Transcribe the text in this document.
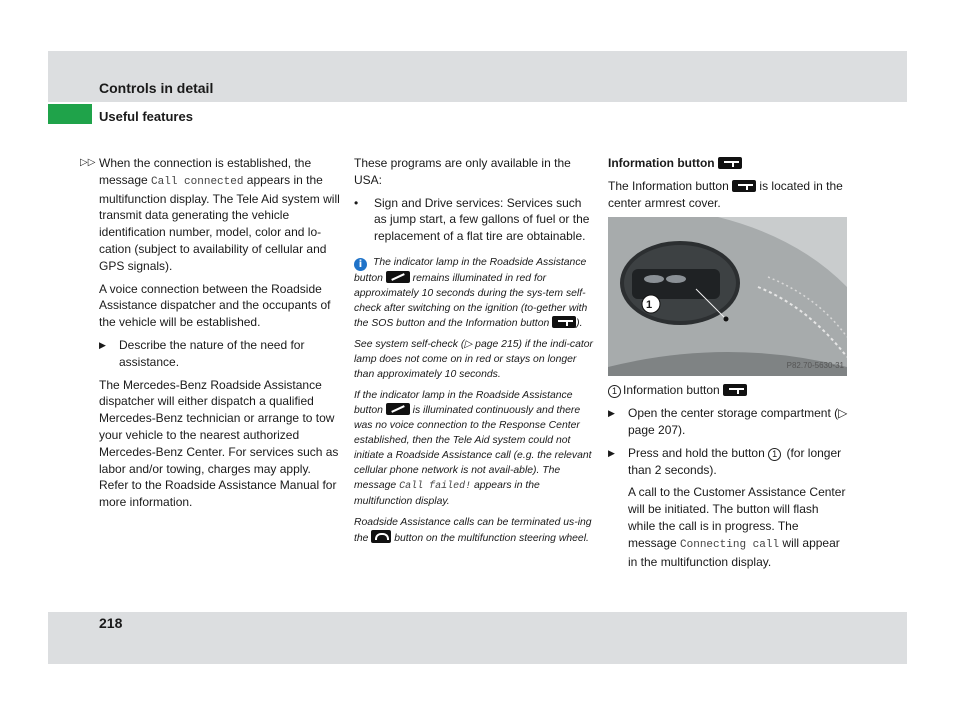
Controls in detail
Useful features
▷▷ When the connection is established, the message Call connected appears in the multifunction display. The Tele Aid system will transmit data generating the vehicle identification number, model, color and lo-cation (subject to availability of cellular and GPS signals).

A voice connection between the Roadside Assistance dispatcher and the occupants of the vehicle will be established.

▶ Describe the nature of the need for assistance.

The Mercedes-Benz Roadside Assistance dispatcher will either dispatch a qualified Mercedes-Benz technician or arrange to tow your vehicle to the nearest authorized Mercedes-Benz Center. For services such as labor and/or towing, charges may apply. Refer to the Roadside Assistance Manual for more information.

These programs are only available in the USA:

• Sign and Drive services: Services such as jump start, a few gallons of fuel or the replacement of a flat tire are obtainable.

i The indicator lamp in the Roadside Assistance button  remains illuminated in red for approximately 10 seconds during the sys-tem self-check after switching on the ignition (to-gether with the SOS button and the Information button ).

See system self-check (▷ page 215) if the indi-cator lamp does not come on in red or stays on longer than approximately 10 seconds.

If the indicator lamp in the Roadside Assistance button  is illuminated continuously and there was no voice connection to the Response Center established, then the Tele Aid system could not initiate a Roadside Assistance call (e.g. the relevant cellular phone network is not avail-able). The message Call failed! appears in the multifunction display.

Roadside Assistance calls can be terminated us-ing the  button on the multifunction steering wheel.

Information button

The Information button  is located in the center armrest cover.

P82.70-5630-31
1

1 Information button

▶ Open the center storage compartment (▷ page 207).
▶ Press and hold the button 1 (for longer than 2 seconds).

A call to the Customer Assistance Center will be initiated. The button will flash while the call is in progress. The message Connecting call will appear in the multifunction display.

218
